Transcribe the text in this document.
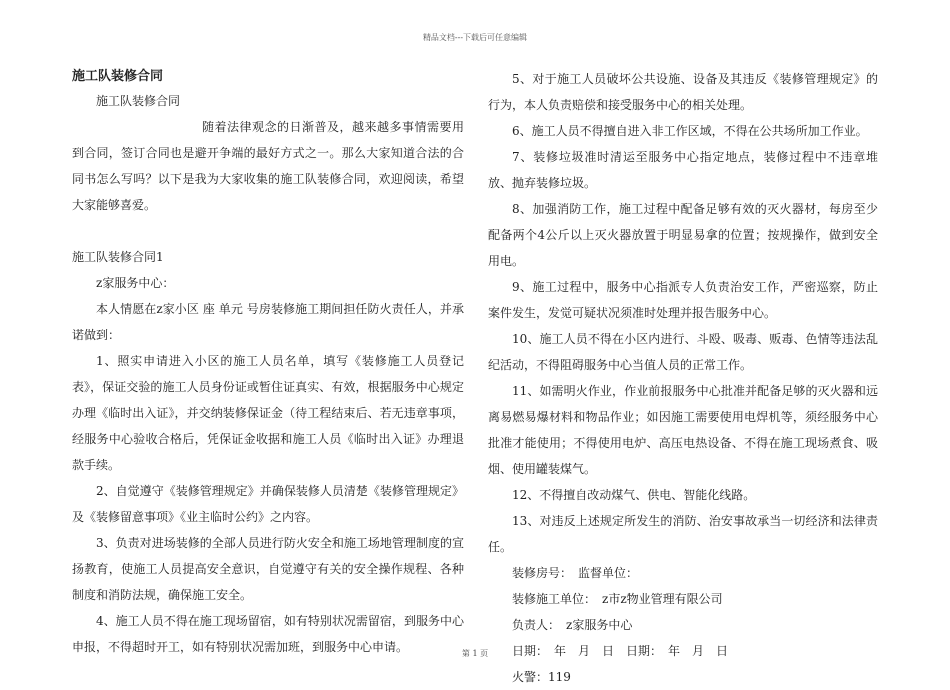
精品文档---下载后可任意编辑

施工队装修合同

施工队装修合同

随着法律观念的日渐普及，越来越多事情需要用到合同，签订合同也是避开争端的最好方式之一。那么大家知道合法的合同书怎么写吗？以下是我为大家收集的施工队装修合同，欢迎阅读，希望大家能够喜爱。

施工队装修合同1

z家服务中心：

本人情愿在z家小区 座 单元 号房装修施工期间担任防火责任人，并承诺做到：

1、照实申请进入小区的施工人员名单，填写《装修施工人员登记表》，保证交验的施工人员身份证或暂住证真实、有效，根据服务中心规定办理《临时出入证》，并交纳装修保证金（待工程结束后、若无违章事项，经服务中心验收合格后，凭保证金收据和施工人员《临时出入证》办理退款手续。

2、自觉遵守《装修管理规定》并确保装修人员清楚《装修管理规定》及《装修留意事项》《业主临时公约》之内容。

3、负责对进场装修的全部人员进行防火安全和施工场地管理制度的宣扬教育，使施工人员提高安全意识，自觉遵守有关的安全操作规程、各种制度和消防法规，确保施工安全。

4、施工人员不得在施工现场留宿，如有特别状况需留宿，到服务中心申报，不得超时开工，如有特别状况需加班，到服务中心申请。

5、对于施工人员破坏公共设施、设备及其违反《装修管理规定》的行为，本人负责赔偿和接受服务中心的相关处理。

6、施工人员不得擅自进入非工作区域，不得在公共场所加工作业。

7、装修垃圾准时清运至服务中心指定地点，装修过程中不违章堆放、抛弃装修垃圾。

8、加强消防工作，施工过程中配备足够有效的灭火器材，每房至少配备两个4公斤以上灭火器放置于明显易拿的位置；按规操作，做到安全用电。

9、施工过程中，服务中心指派专人负责治安工作，严密巡察，防止案件发生，发觉可疑状况须准时处理并报告服务中心。

10、施工人员不得在小区内进行、斗殴、吸毒、贩毒、色情等违法乱纪活动，不得阻碍服务中心当值人员的正常工作。

11、如需明火作业，作业前报服务中心批准并配备足够的灭火器和远离易燃易爆材料和物品作业；如因施工需要使用电焊机等，须经服务中心批准才能使用；不得使用电炉、高压电热设备、不得在施工现场煮食、吸烟、使用罐装煤气。

12、不得擅自改动煤气、供电、智能化线路。

13、对违反上述规定所发生的消防、治安事故承当一切经济和法律责任。

装修房号：　监督单位：

装修施工单位：　z市z物业管理有限公司

负责人：　z家服务中心

日期：　年　月　日　日期：　年　月　日

火警：119

第 1 页
